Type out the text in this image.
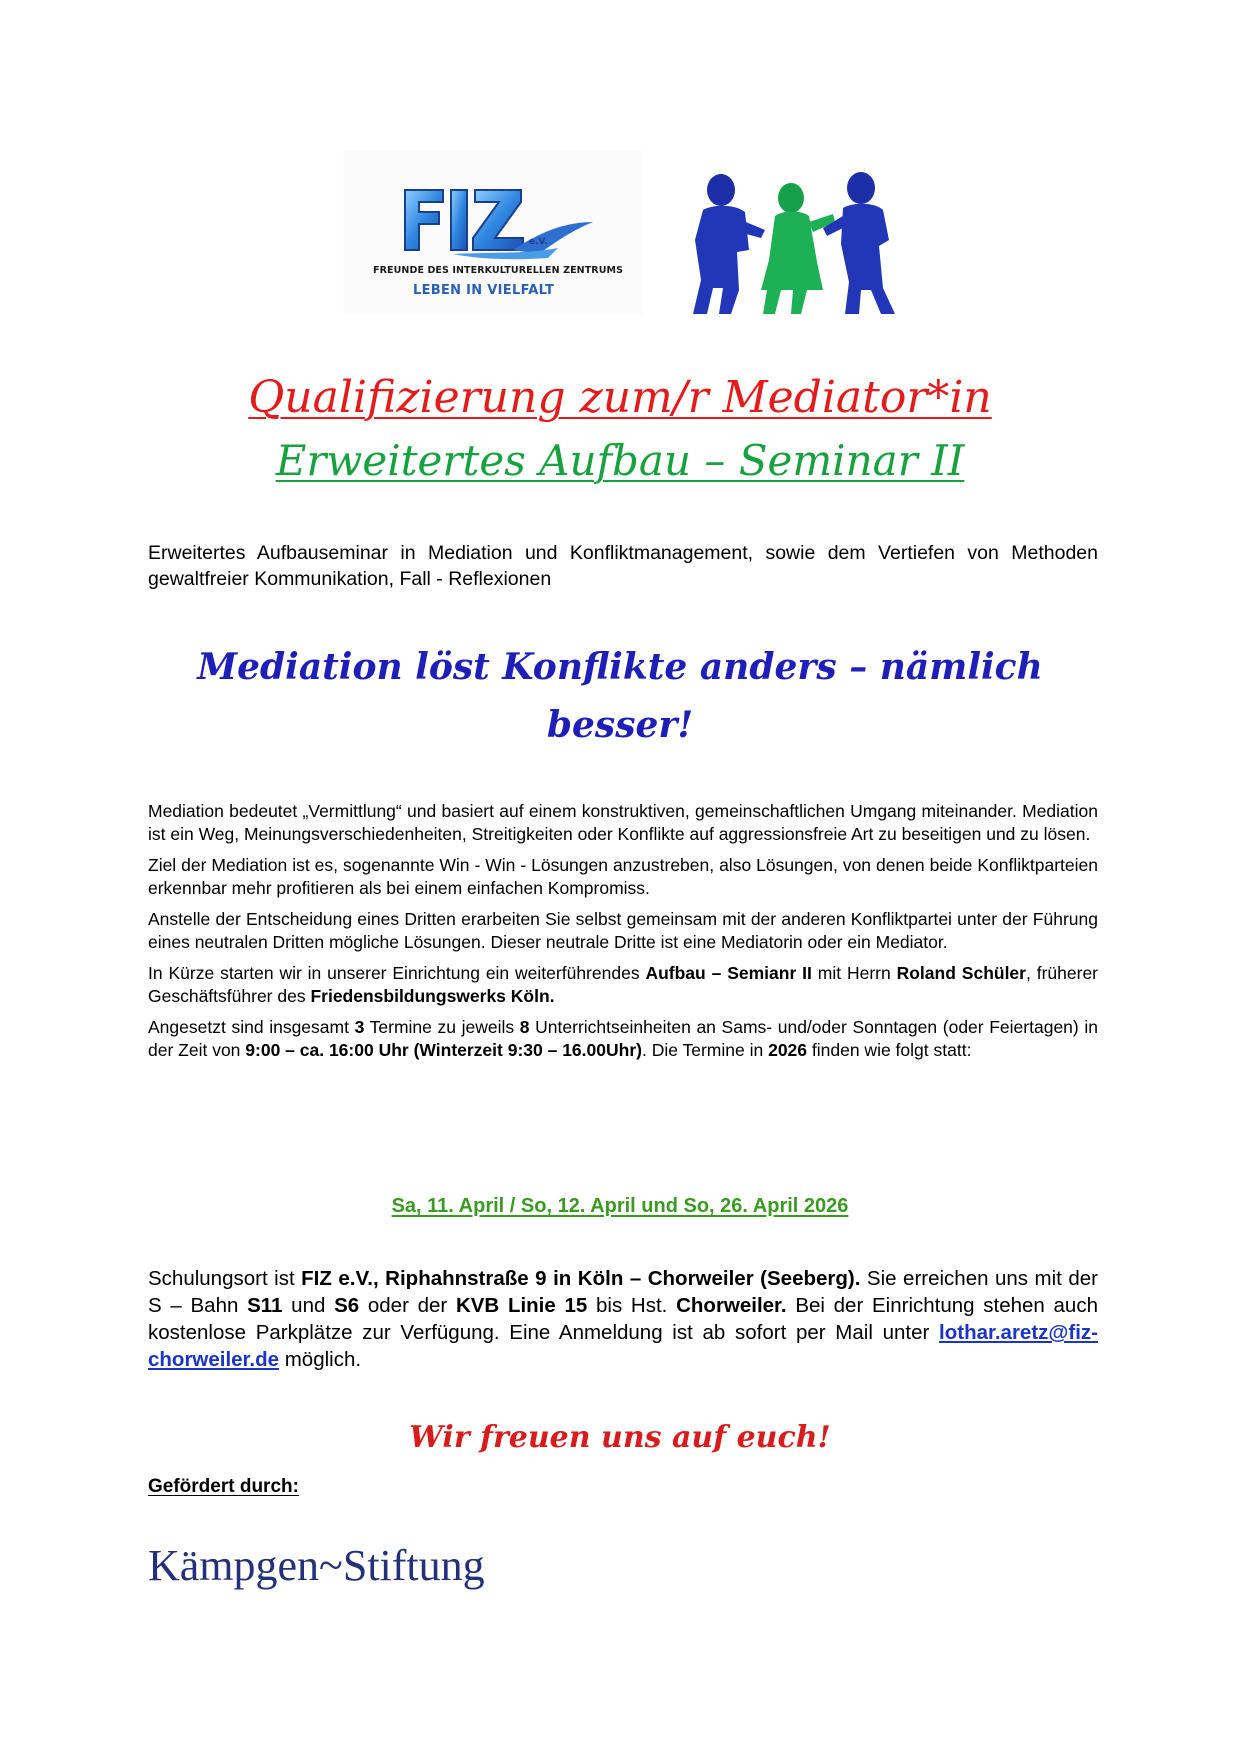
e.V.
FREUNDE DES INTERKULTURELLEN ZENTRUMS
LEBEN IN VIELFALT
Qualifizierung zum/r Mediator*in
Erweitertes Aufbau – Seminar II
Erweitertes Aufbauseminar in Mediation und Konfliktmanagement, sowie dem Vertiefen von Methoden gewaltfreier Kommunikation, Fall - Reflexionen
Mediation löst Konflikte anders – nämlich besser!

Mediation bedeutet „Vermittlung“ und basiert auf einem konstruktiven, gemeinschaftlichen Umgang miteinander. Mediation ist ein Weg, Meinungsverschiedenheiten, Streitigkeiten oder Konflikte auf aggressionsfreie Art zu beseitigen und zu lösen.

Ziel der Mediation ist es, sogenannte Win - Win - Lösungen anzustreben, also Lösungen, von denen beide Konfliktparteien erkennbar mehr profitieren als bei einem einfachen Kompromiss.

Anstelle der Entscheidung eines Dritten erarbeiten Sie selbst gemeinsam mit der anderen Konfliktpartei unter der Führung eines neutralen Dritten mögliche Lösungen. Dieser neutrale Dritte ist eine Mediatorin oder ein Mediator.

In Kürze starten wir in unserer Einrichtung ein weiterführendes Aufbau – Semianr II mit Herrn Roland Schüler, früherer Geschäftsführer des Friedensbildungswerks Köln.

Angesetzt sind insgesamt 3 Termine zu jeweils 8 Unterrichtseinheiten an Sams- und/oder Sonntagen (oder Feiertagen) in der Zeit von 9:00 – ca. 16:00 Uhr (Winterzeit 9:30 – 16.00Uhr). Die Termine in 2026 finden wie folgt statt:

Sa, 11. April / So, 12. April und So, 26. April 2026
Schulungsort ist FIZ e.V., Riphahnstraße 9 in Köln – Chorweiler (Seeberg). Sie erreichen uns mit der S – Bahn S11 und S6 oder der KVB Linie 15 bis Hst. Chorweiler. Bei der Einrichtung stehen auch kostenlose Parkplätze zur Verfügung. Eine Anmeldung ist ab sofort per Mail unter lothar.aretz@fiz-chorweiler.de möglich.
Wir freuen uns auf euch!
Gefördert durch:
Kämpgen~Stiftung
